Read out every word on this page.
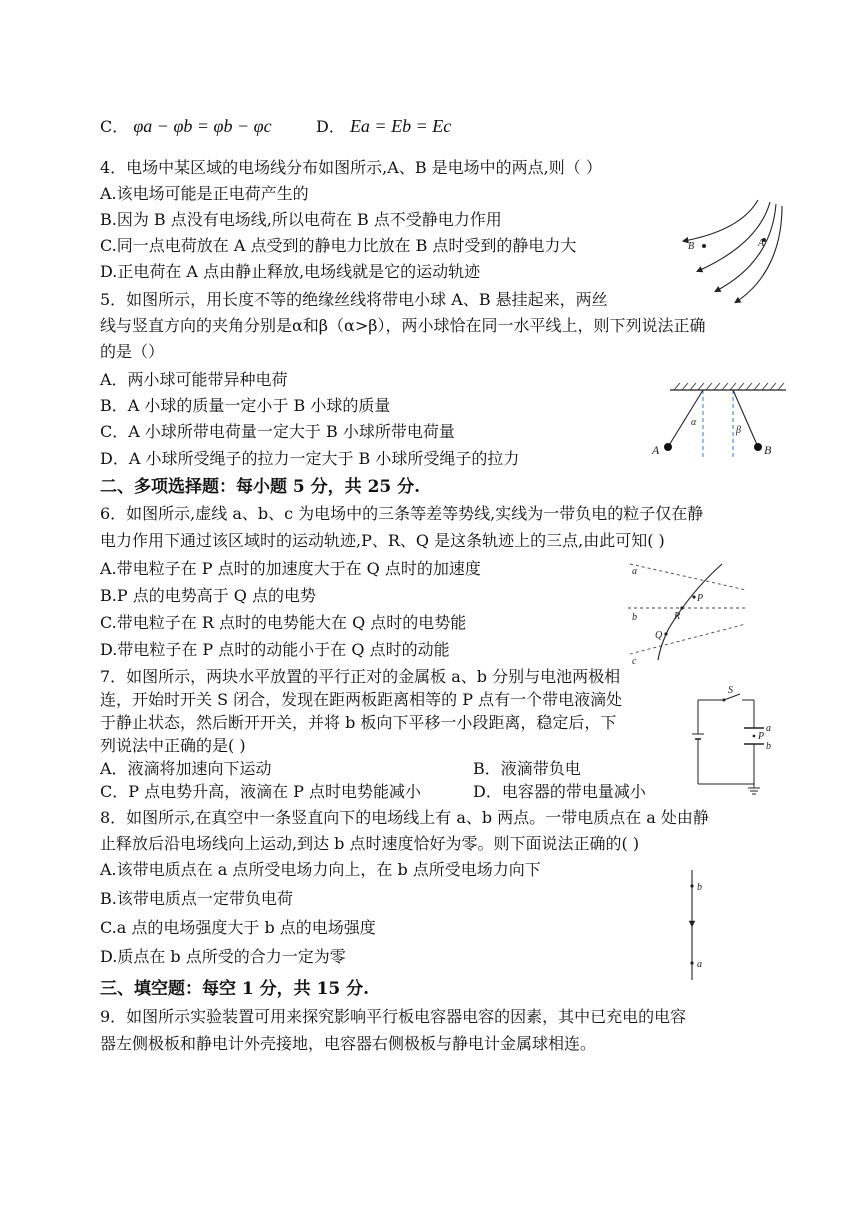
C． φa − φb = φb − φc	D． Ea = Eb = Ec
4．电场中某区域的电场线分布如图所示,A、B 是电场中的两点,则（ ）
A.该电场可能是正电荷产生的
B.因为 B 点没有电场线,所以电荷在 B 点不受静电力作用
C.同一点电荷放在 A 点受到的静电力比放在 B 点时受到的静电力大
D.正电荷在 A 点由静止释放,电场线就是它的运动轨迹
B	A
5．如图所示，用长度不等的绝缘丝线将带电小球 A、B 悬挂起来，两丝
线与竖直方向的夹角分别是α和β（α>β），两小球恰在同一水平线上，则下列说法正确
的是（）
A．两小球可能带异种电荷
B．A 小球的质量一定小于 B 小球的质量
C．A 小球所带电荷量一定大于 B 小球所带电荷量
D．A 小球所受绳子的拉力一定大于 B 小球所受绳子的拉力	A
α
β
B
二、多项选择题：每小题 5 分，共 25 分.
6．如图所示,虚线 a、b、c 为电场中的三条等差等势线,实线为一带负电的粒子仅在静
电力作用下通过该区域时的运动轨迹,P、R、Q 是这条轨迹上的三点,由此可知( )
A.带电粒子在 P 点时的加速度大于在 Q 点时的加速度
B.P 点的电势高于 Q 点的电势
C.带电粒子在 R 点时的电势能大在 Q 点时的电势能
D.带电粒子在 P 点时的动能小于在 Q 点时的动能
a
P
b	R
Q
c
7．如图所示，两块水平放置的平行正对的金属板 a、b 分别与电池两极相
连，开始时开关 S 闭合，发现在距两板距离相等的 P 点有一个带电液滴处
于静止状态，然后断开开关，并将 b 板向下平移一小段距离，稳定后，下
列说法中正确的是( )
A．液滴将加速向下运动	B．液滴带负电
C．P 点电势升高，液滴在 P 点时电势能减小	D．电容器的带电量减小
S
a
P
b
8．如图所示,在真空中一条竖直向下的电场线上有 a、b 两点。一带电质点在 a 处由静
止释放后沿电场线向上运动,到达 b 点时速度恰好为零。则下面说法正确的( )
A.该带电质点在 a 点所受电场力向上，在 b 点所受电场力向下
B.该带电质点一定带负电荷
C.a 点的电场强度大于 b 点的电场强度
D.质点在 b 点所受的合力一定为零
b
a
三、填空题：每空 1 分，共 15 分.
9．如图所示实验装置可用来探究影响平行板电容器电容的因素，其中已充电的电容
器左侧极板和静电计外壳接地，电容器右侧极板与静电计金属球相连。
